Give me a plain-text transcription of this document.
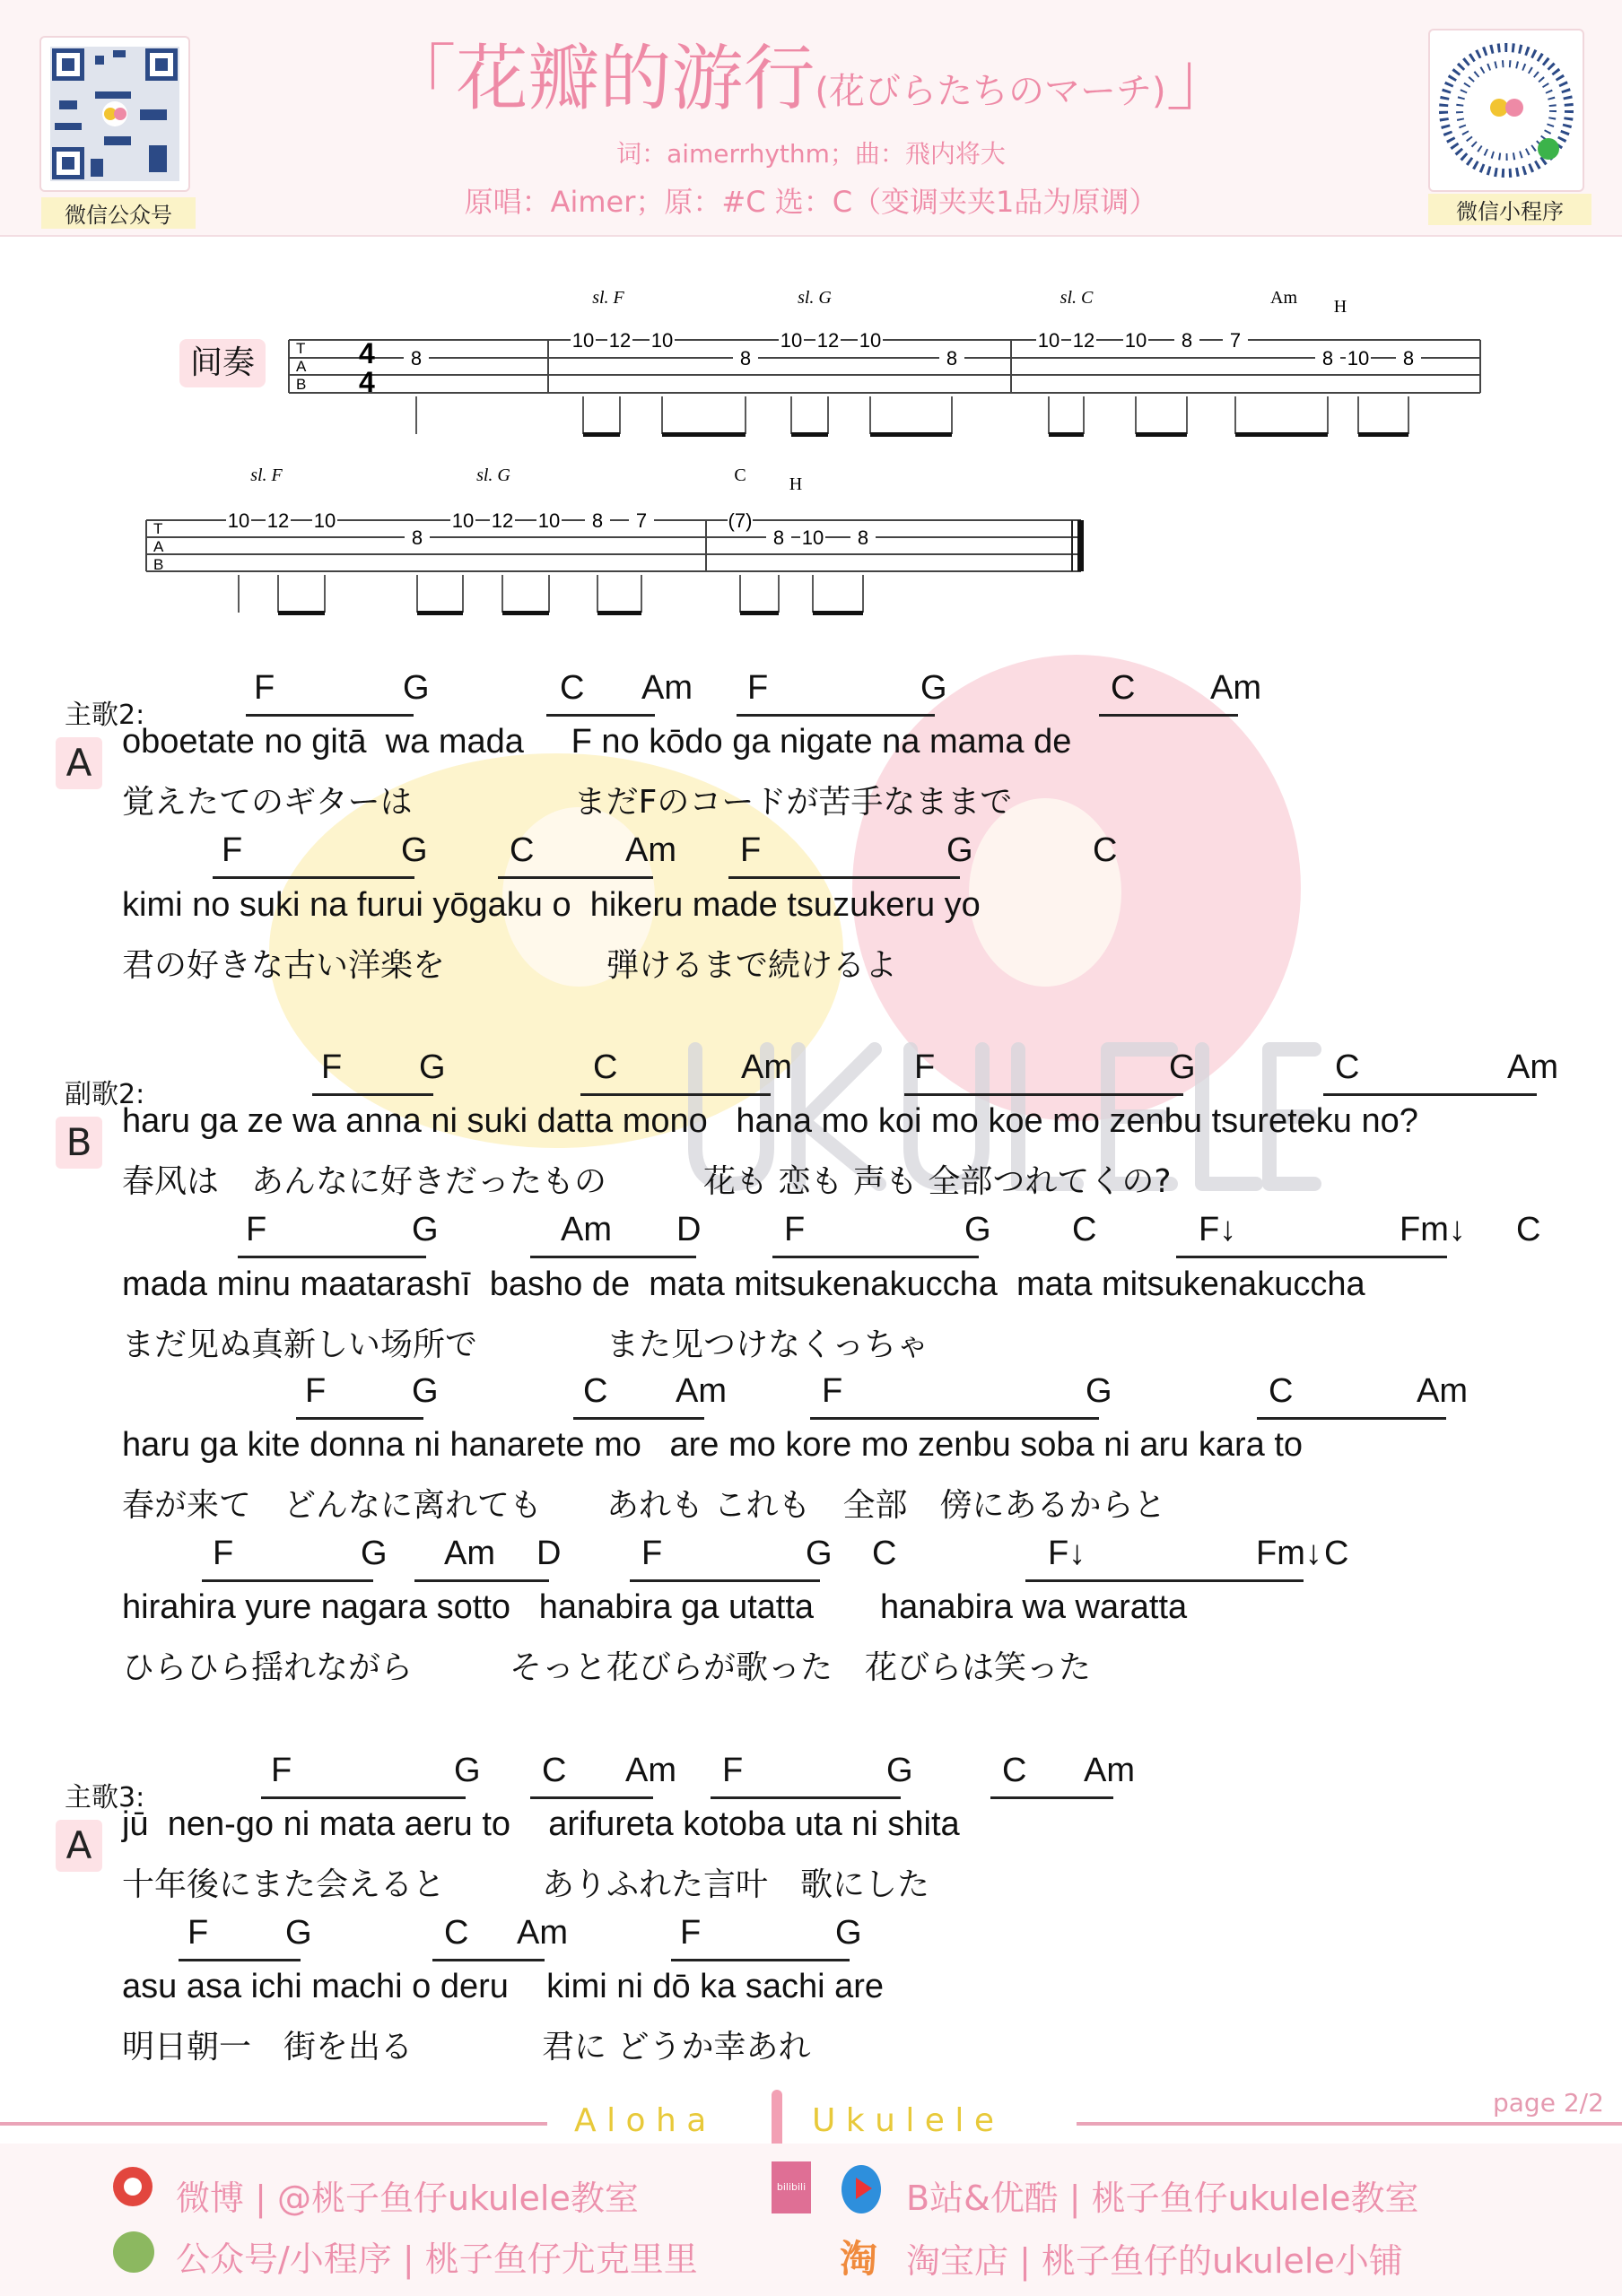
微信公众号	微信小程序
「花瓣的游行(花びらたちのマーチ)」
词：aimerrhythm；曲：飛内将大
原唱：Aimer；原：#C 选：C（变调夹夹1品为原调）
间奏	T
A
B
4
4
8
10 12 10
8
10 12 10
8
10 12 10 8 7
8 10 8
sl. F	sl. G	sl. C	Am H
T
A
B
10 12 10
8
10 12 10 8 7	(7)
8 10 8
sl. F	sl. G	C H
主歌2:
A
副歌2:
B
主歌3:
A
F	G	C Am F	G	C Am
F	G C	Am F	G	C
F G	C	Am	F	G	C	Am
F	G	Am D F	G C	F↓	Fm↓ C
F	G	C Am	F	G	C	Am
F	G Am D F	G C	F↓	Fm↓ C
F	G C Am F	G	C Am
F G	C Am	F	G
oboetate no gitā  wa mada     F no kōdo ga nigate na mama de
覚えたてのギターは　　　　　まだFのコードが苦手なままで
kimi no suki na furui yōgaku o  hikeru made tsuzukeru yo
君の好きな古い洋楽を　　　　　弾けるまで続けるよ
haru ga ze wa anna ni suki datta mono   hana mo koi mo koe mo zenbu tsureteku no?
春风は　あんなに好きだったもの　　　花も 恋も 声も 全部つれてくの?
mada minu maatarashī  basho de  mata mitsukenakuccha  mata mitsukenakuccha
まだ见ぬ真新しい场所で　　　　また见つけなくっちゃ
haru ga kite donna ni hanarete mo   are mo kore mo zenbu soba ni aru kara to
春が来て　どんなに离れても　　あれも これも　全部　傍にあるからと
hirahira yure nagara sotto   hanabira ga utatta       hanabira wa waratta
ひらひら揺れながら　　　そっと花びらが歌った　花びらは笑った
jū  nen-go ni mata aeru to    arifureta kotoba uta ni shita
十年後にまた会えると　　　ありふれた言叶　歌にした
asu asa ichi machi o deru    kimi ni dō ka sachi are
明日朝一　街を出る　　　　君に どうか幸あれ
A l o h a	U k u l e l e	page 2/2
微博 | @桃子鱼仔ukulele教室	bilibili	B站&优酷 | 桃子鱼仔ukulele教室
公众号/小程序 | 桃子鱼仔尤克里里	淘 淘宝店 | 桃子鱼仔的ukulele小铺
